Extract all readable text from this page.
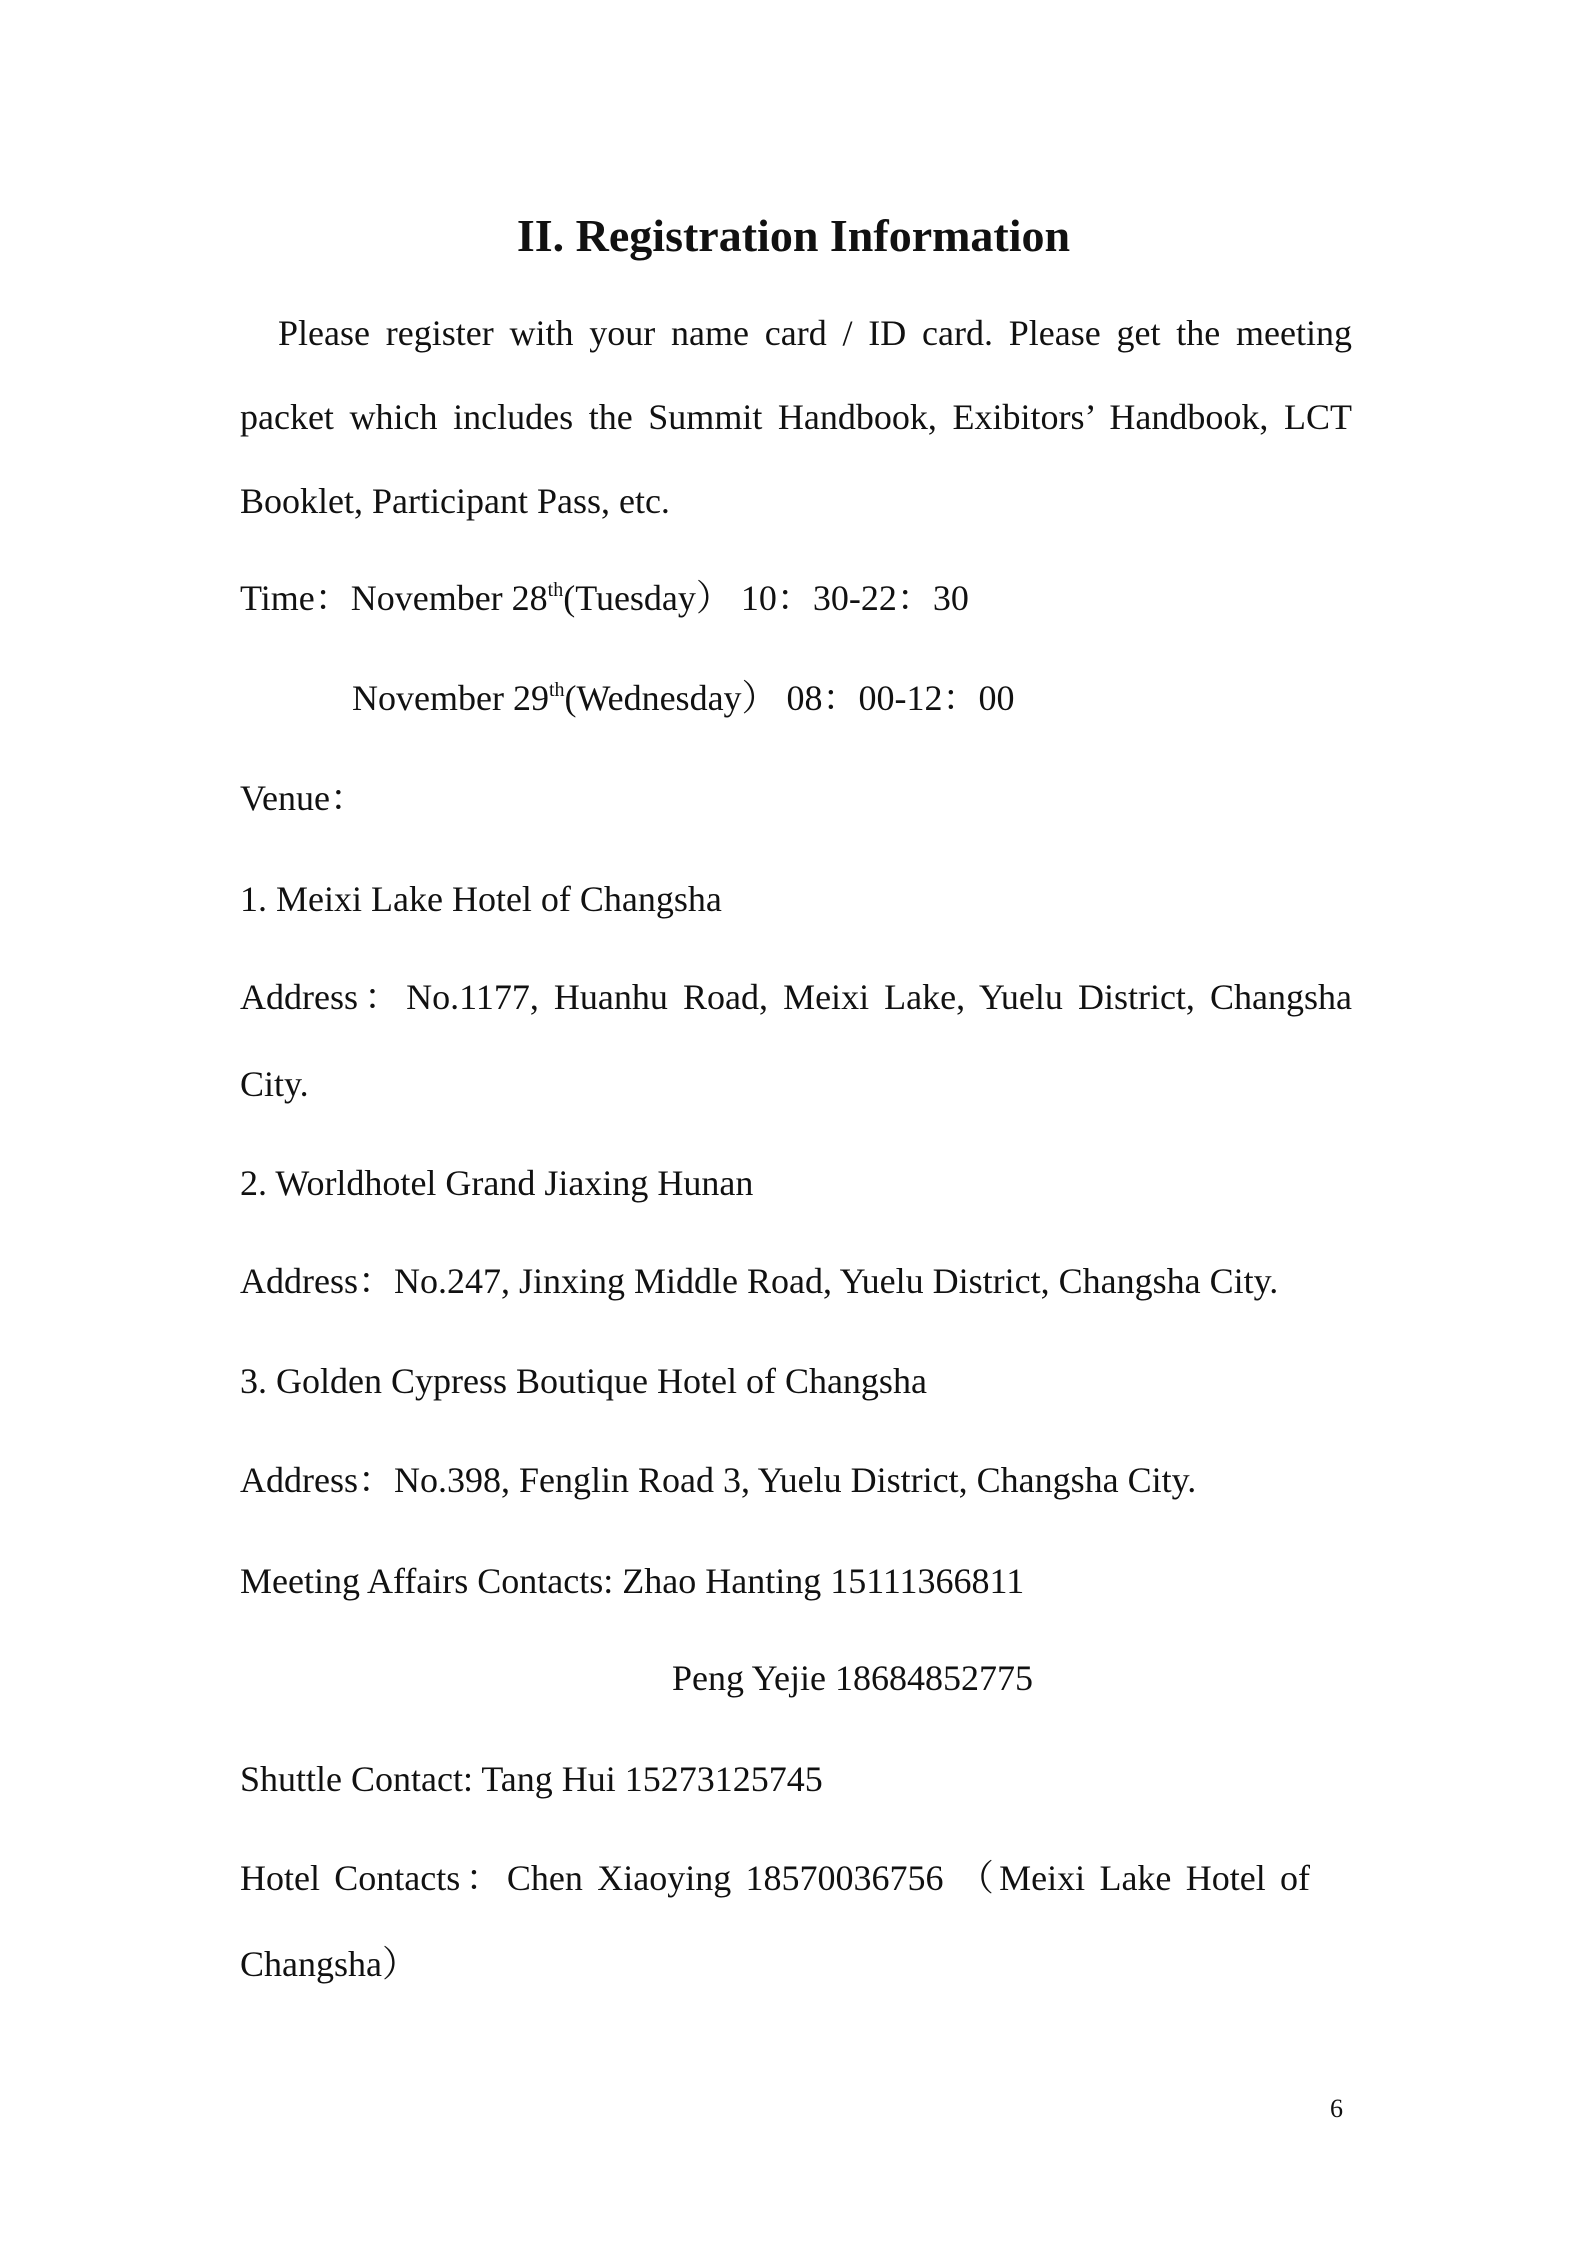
II. Registration Information
Please register with your name card / ID card. Please get the meeting
packet which includes the Summit Handbook, Exibitors’ Handbook, LCT
Booklet, Participant Pass, etc.
Time：November 28th(Tuesday） 10：30-22：30
November 29th(Wednesday） 08：00-12：00
Venue：
1. Meixi Lake Hotel of Changsha
Address：No.1177, Huanhu Road, Meixi Lake, Yuelu District, Changsha
City.
2. Worldhotel Grand Jiaxing Hunan
Address：No.247, Jinxing Middle Road, Yuelu District, Changsha City.
3. Golden Cypress Boutique Hotel of Changsha
Address：No.398, Fenglin Road 3, Yuelu District, Changsha City.
Meeting Affairs Contacts: Zhao Hanting 15111366811
Peng Yejie 18684852775
Shuttle Contact: Tang Hui 15273125745
Hotel Contacts：Chen Xiaoying 18570036756 （Meixi Lake Hotel of
Changsha）
6
